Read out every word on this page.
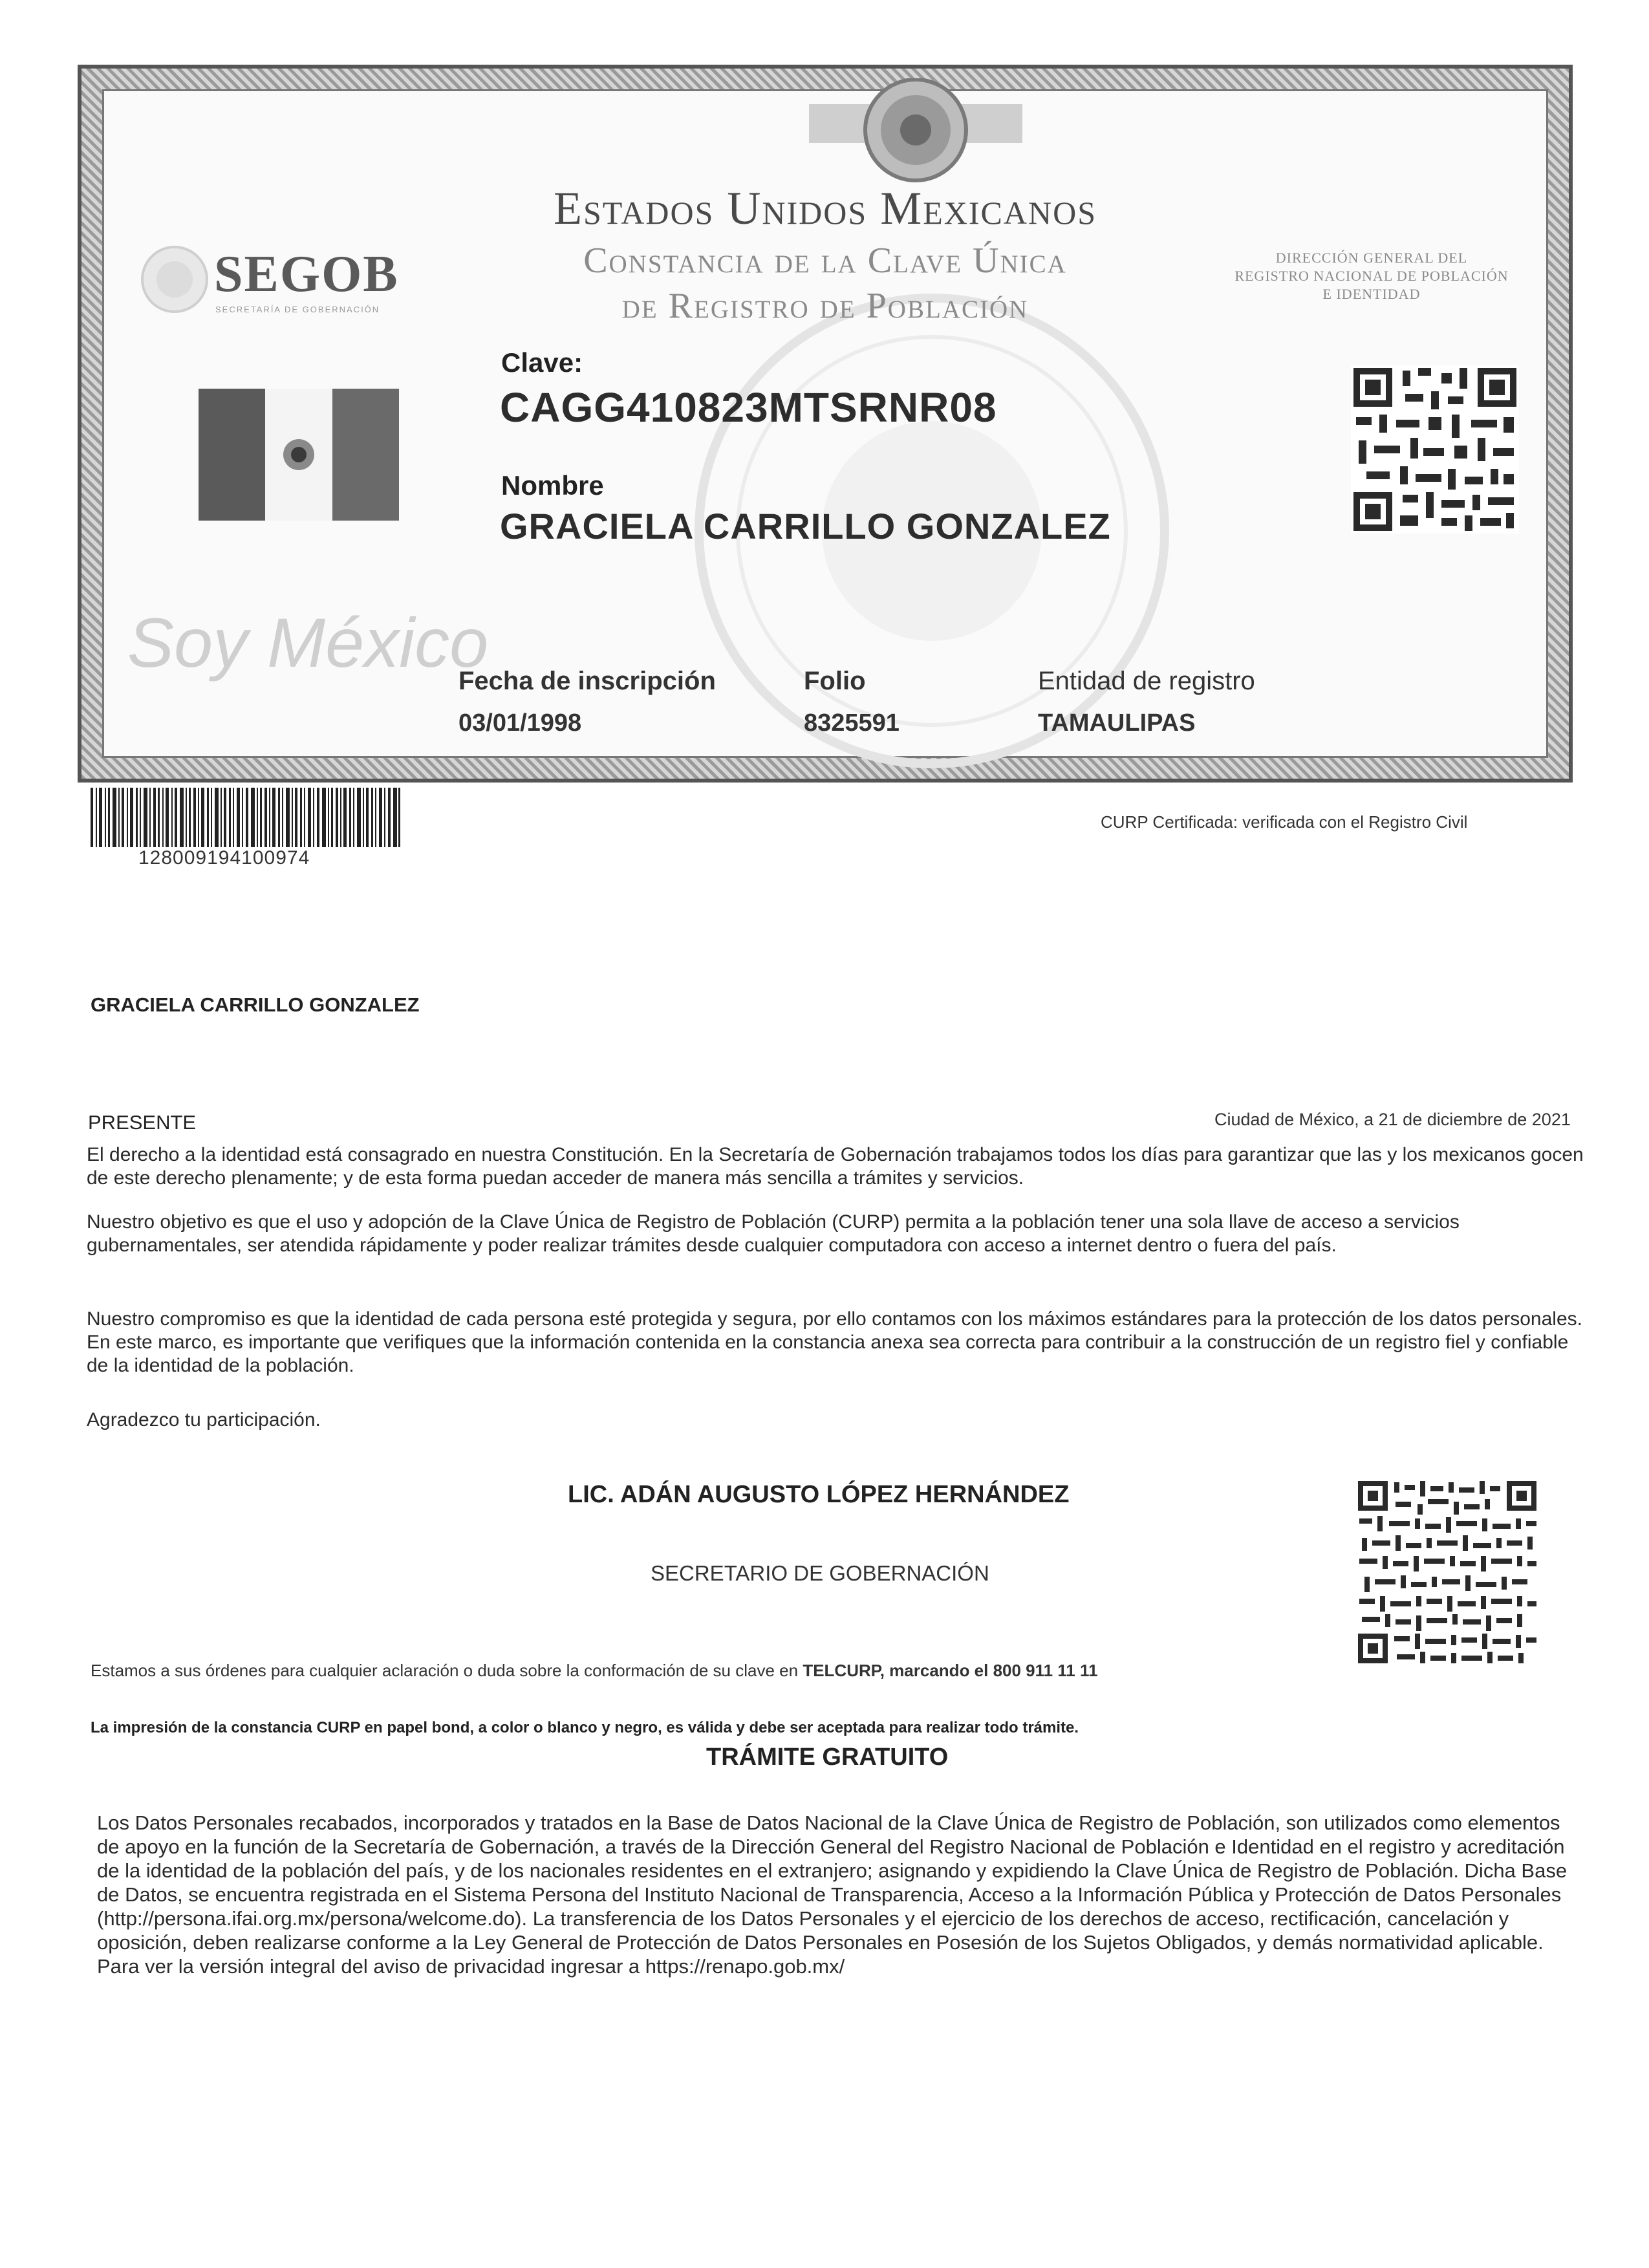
Estados Unidos Mexicanos
Constancia de la Clave Única
de Registro de Población
SEGOB
SECRETARÍA DE GOBERNACIÓN
DIRECCIÓN GENERAL DEL
REGISTRO NACIONAL DE POBLACIÓN
E IDENTIDAD
Clave:
CAGG410823MTSRNR08
Nombre
GRACIELA CARRILLO GONZALEZ
Soy México
Fecha de inscripción
03/01/1998
Folio
8325591
Entidad de registro
TAMAULIPAS
128009194100974
CURP Certificada: verificada con el Registro Civil
GRACIELA CARRILLO GONZALEZ
PRESENTE	Ciudad de México, a 21 de diciembre de 2021
El derecho a la identidad está consagrado en nuestra Constitución. En la Secretaría de Gobernación trabajamos todos los días para garantizar que las y los mexicanos gocen de este derecho plenamente; y de esta forma puedan acceder de manera más sencilla a trámites y servicios.
Nuestro objetivo es que el uso y adopción de la Clave Única de Registro de Población (CURP) permita a la población tener una sola llave de acceso a servicios gubernamentales, ser atendida rápidamente y poder realizar trámites desde cualquier computadora con acceso a internet dentro o fuera del país.
Nuestro compromiso es que la identidad de cada persona esté protegida y segura, por ello contamos con los máximos estándares para la protección de los datos personales. En este marco, es importante que verifiques que la información contenida en la constancia anexa sea correcta para contribuir a la construcción de un registro fiel y confiable de la identidad de la población.
Agradezco tu participación.
LIC. ADÁN AUGUSTO LÓPEZ HERNÁNDEZ
SECRETARIO DE GOBERNACIÓN
Estamos a sus órdenes para cualquier aclaración o duda sobre la conformación de su clave en TELCURP, marcando el 800 911 11 11
La impresión de la constancia CURP en papel bond, a color o blanco y negro, es válida y debe ser aceptada para realizar todo trámite.
TRÁMITE GRATUITO
Los Datos Personales recabados, incorporados y tratados en la Base de Datos Nacional de la Clave Única de Registro de Población, son utilizados como elementos de apoyo en la función de la Secretaría de Gobernación, a través de la Dirección General del Registro Nacional de Población e Identidad en el registro y acreditación de la identidad de la población del país, y de los nacionales residentes en el extranjero; asignando y expidiendo la Clave Única de Registro de Población. Dicha Base de Datos, se encuentra registrada en el Sistema Persona del Instituto Nacional de Transparencia, Acceso a la Información Pública y Protección de Datos Personales (http://persona.ifai.org.mx/persona/welcome.do). La transferencia de los Datos Personales y el ejercicio de los derechos de acceso, rectificación, cancelación y oposición, deben realizarse conforme a la Ley General de Protección de Datos Personales en Posesión de los Sujetos Obligados, y demás normatividad aplicable. Para ver la versión integral del aviso de privacidad ingresar a https://renapo.gob.mx/
